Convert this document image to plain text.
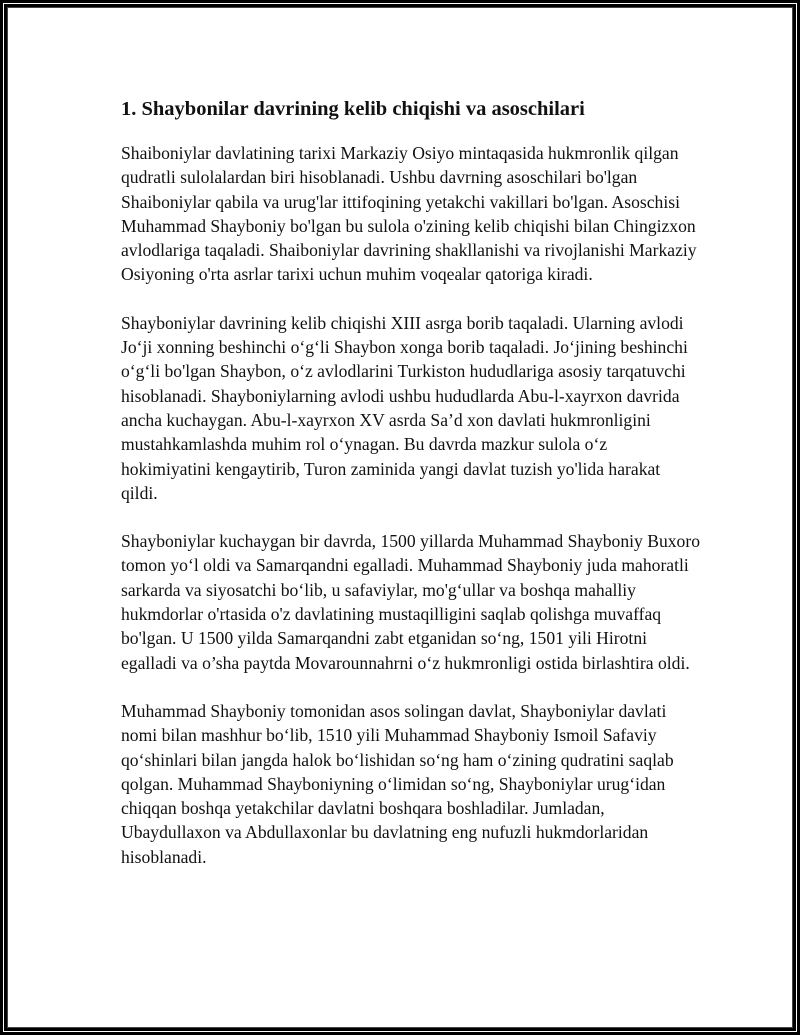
1. Shaybonilar davrining kelib chiqishi va asoschilari

Shaiboniylar davlatining tarixi Markaziy Osiyo mintaqasida hukmronlik qilgan qudratli sulolalardan biri hisoblanadi. Ushbu davrning asoschilari bo'lgan Shaiboniylar qabila va urug'lar ittifoqining yetakchi vakillari bo'lgan. Asoschisi Muhammad Shayboniy bo'lgan bu sulola o'zining kelib chiqishi bilan Chingizxon avlodlariga taqaladi. Shaiboniylar davrining shakllanishi va rivojlanishi Markaziy Osiyoning o'rta asrlar tarixi uchun muhim voqealar qatoriga kiradi.

Shayboniylar davrining kelib chiqishi XIII asrga borib taqaladi. Ularning avlodi Jo‘ji xonning beshinchi o‘g‘li Shaybon xonga borib taqaladi. Jo‘jining beshinchi o‘g‘li bo'lgan Shaybon, o‘z avlodlarini Turkiston hududlariga asosiy tarqatuvchi hisoblanadi. Shayboniylarning avlodi ushbu hududlarda Abu-l-xayrxon davrida ancha kuchaygan. Abu-l-xayrxon XV asrda Sa’d xon davlati hukmronligini mustahkamlashda muhim rol o‘ynagan. Bu davrda mazkur sulola o‘z hokimiyatini kengaytirib, Turon zaminida yangi davlat tuzish yo'lida harakat qildi.

Shayboniylar kuchaygan bir davrda, 1500 yillarda Muhammad Shayboniy Buxoro tomon yo‘l oldi va Samarqandni egalladi. Muhammad Shayboniy juda mahoratli sarkarda va siyosatchi bo‘lib, u safaviylar, mo'g‘ullar va boshqa mahalliy hukmdorlar o'rtasida o'z davlatining mustaqilligini saqlab qolishga muvaffaq bo'lgan. U 1500 yilda Samarqandni zabt etganidan so‘ng, 1501 yili Hirotni egalladi va o’sha paytda Movarounnahrni o‘z hukmronligi ostida birlashtira oldi.

Muhammad Shayboniy tomonidan asos solingan davlat, Shayboniylar davlati nomi bilan mashhur bo‘lib, 1510 yili Muhammad Shayboniy Ismoil Safaviy qo‘shinlari bilan jangda halok bo‘lishidan so‘ng ham o‘zining qudratini saqlab qolgan. Muhammad Shayboniyning o‘limidan so‘ng, Shayboniylar urug‘idan chiqqan boshqa yetakchilar davlatni boshqara boshladilar. Jumladan, Ubaydullaxon va Abdullaxonlar bu davlatning eng nufuzli hukmdorlaridan hisoblanadi.
